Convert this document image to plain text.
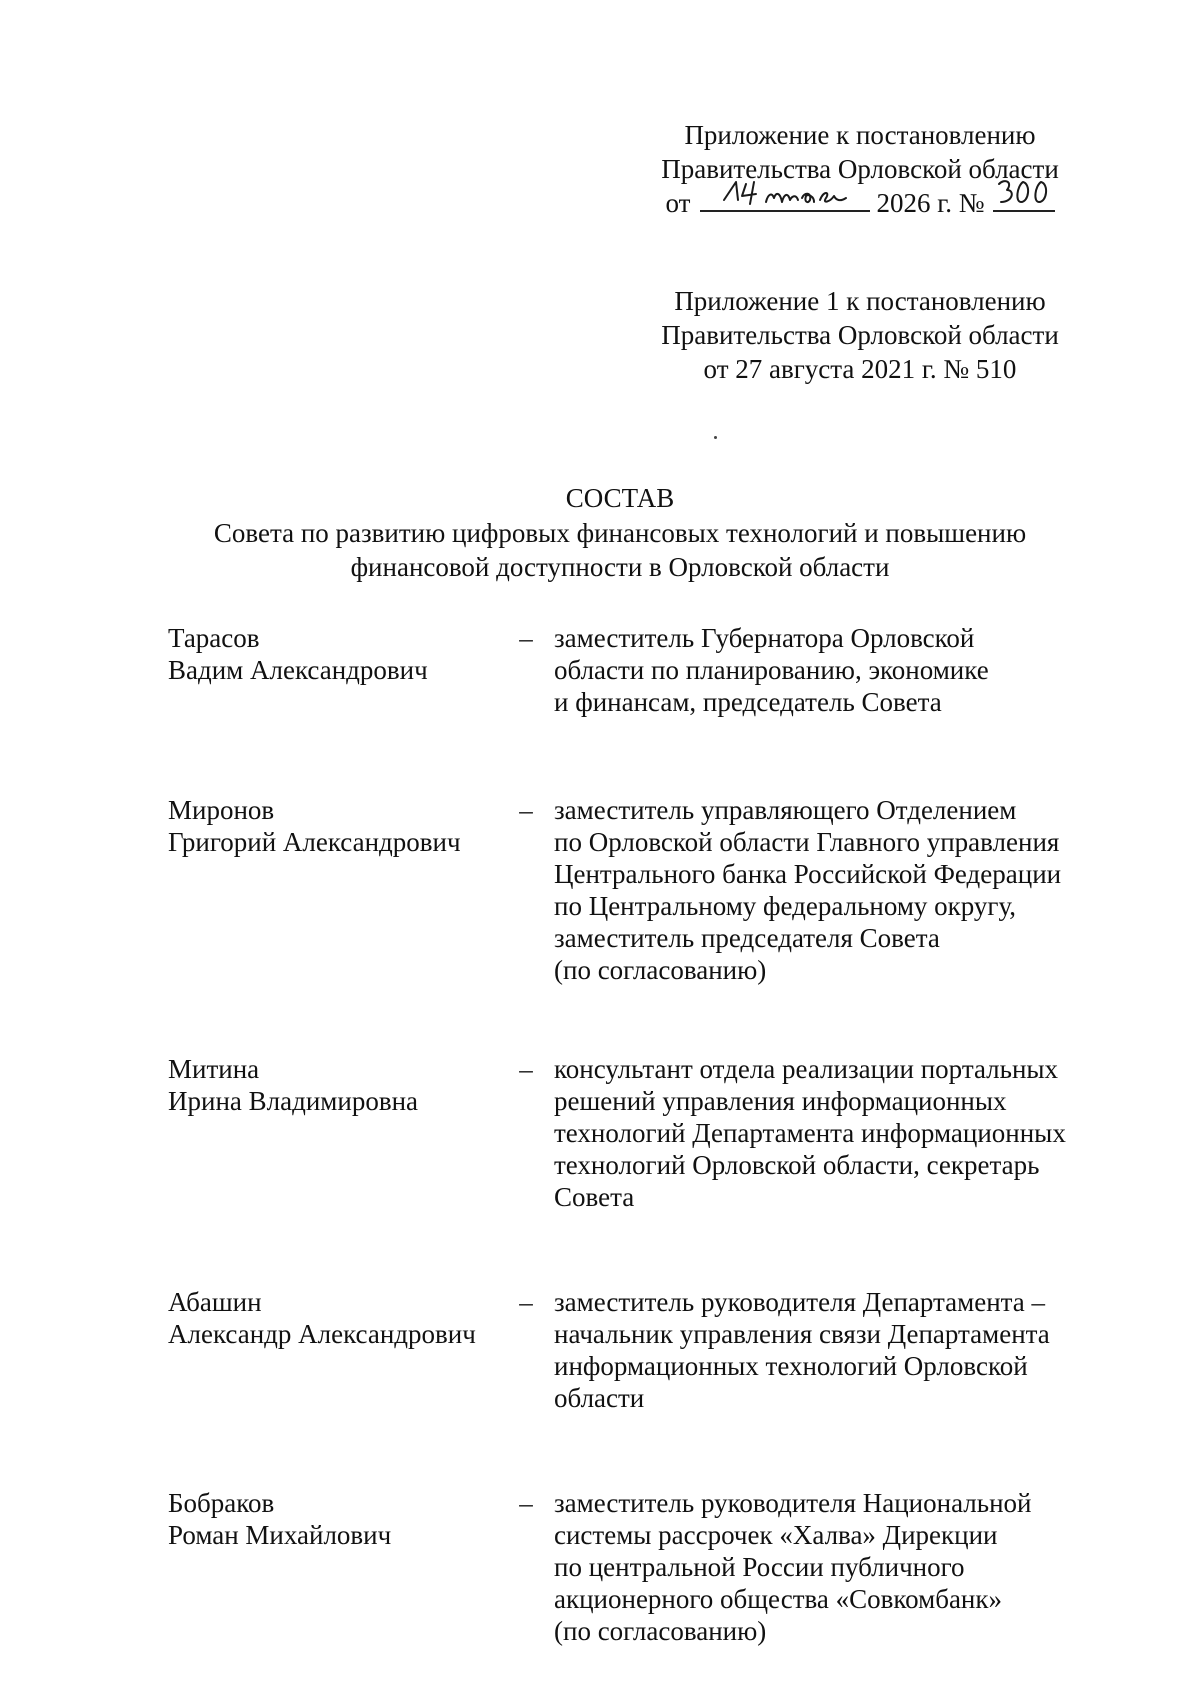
Приложение к постановлению
Правительства Орловской области
от	2026 г. №
Приложение 1 к постановлению
Правительства Орловской области
от 27 августа 2021 г. № 510
СОСТАВ
Совета по развитию цифровых финансовых технологий и повышению финансовой доступности в Орловской области
Тарасов
Вадим Александрович
– заместитель Губернатора Орловской
области по планированию, экономике
и финансам, председатель Совета
Миронов
Григорий Александрович
– заместитель управляющего Отделением
по Орловской области Главного управления
Центрального банка Российской Федерации
по Центральному федеральному округу,
заместитель председателя Совета
(по согласованию)
Митина
Ирина Владимировна
– консультант отдела реализации портальных
решений управления информационных
технологий Департамента информационных
технологий Орловской области, секретарь
Совета
Абашин
Александр Александрович
– заместитель руководителя Департамента –
начальник управления связи Департамента
информационных технологий Орловской
области
Бобраков
Роман Михайлович
– заместитель руководителя Национальной
системы рассрочек «Халва» Дирекции
по центральной России публичного
акционерного общества «Совкомбанк»
(по согласованию)
